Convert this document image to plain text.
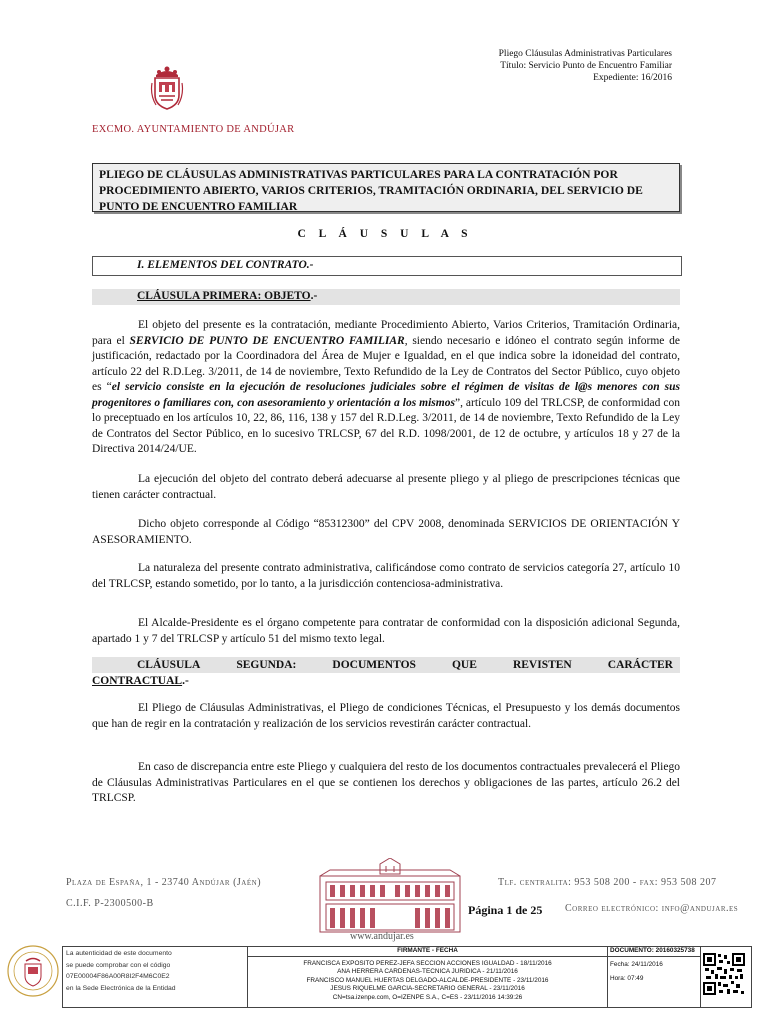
Pliego Cláusulas Administrativas Particulares
Título: Servicio Punto de Encuentro Familiar
Expediente: 16/2016
EXCMO. AYUNTAMIENTO DE ANDÚJAR
PLIEGO DE CLÁUSULAS ADMINISTRATIVAS PARTICULARES PARA LA CONTRATACIÓN POR PROCEDIMIENTO ABIERTO, VARIOS CRITERIOS, TRAMITACIÓN ORDINARIA, DEL SERVICIO DE PUNTO DE ENCUENTRO FAMILIAR
C L Á U S U L A S
I. ELEMENTOS DEL CONTRATO.-
CLÁUSULA PRIMERA: OBJETO.-

El objeto del presente es la contratación, mediante Procedimiento Abierto, Varios Criterios, Tramitación Ordinaria, para el SERVICIO DE PUNTO DE ENCUENTRO FAMILIAR, siendo necesario e idóneo el contrato según informe de justificación, redactado por la Coordinadora del Área de Mujer e Igualdad, en el que indica sobre la idoneidad del contrato, artículo 22 del R.D.Leg. 3/2011, de 14 de noviembre, Texto Refundido de la Ley de Contratos del Sector Público, cuyo objeto es “el servicio consiste en la ejecución de resoluciones judiciales sobre el régimen de visitas de l@s menores con sus progenitores o familiares con, con asesoramiento y orientación a los mismos”, artículo 109 del TRLCSP, de conformidad con lo preceptuado en los artículos 10, 22, 86, 116, 138 y 157 del R.D.Leg. 3/2011, de 14 de noviembre, Texto Refundido de la Ley de Contratos del Sector Público, en lo sucesivo TRLCSP, 67 del R.D. 1098/2001, de 12 de octubre, y artículos 18 y 27 de la Directiva 2014/24/UE.

La ejecución del objeto del contrato deberá adecuarse al presente pliego y al pliego de prescripciones técnicas que tienen carácter contractual.

Dicho objeto corresponde al Código “85312300” del CPV 2008, denominada SERVICIOS DE ORIENTACIÓN Y ASESORAMIENTO.

La naturaleza del presente contrato administrativa, calificándose como contrato de servicios categoría 27, artículo 10 del TRLCSP, estando sometido, por lo tanto, a la jurisdicción contenciosa-administrativa.

El Alcalde-Presidente es el órgano competente para contratar de conformidad con la disposición adicional Segunda, apartado 1 y 7 del TRLCSP y artículo 51 del mismo texto legal.

CLÁUSULA	SEGUNDA:	DOCUMENTOS	QUE	REVISTEN	CARÁCTER
CONTRACTUAL.-

El Pliego de Cláusulas Administrativas, el Pliego de condiciones Técnicas, el Presupuesto y los demás documentos que han de regir en la contratación y realización de los servicios revestirán carácter contractual.

En caso de discrepancia entre este Pliego y cualquiera del resto de los documentos contractuales prevalecerá el Pliego de Cláusulas Administrativas Particulares en el que se contienen los derechos y obligaciones de las partes, artículo 26.2 del TRLCSP.

Plaza de España, 1 - 23740 Andújar (Jaén)	Tlf. centralita: 953 508 200 - fax: 953 508 207
C.I.F. P-2300500-B	Correo electrónico: info@andujar.es
Página 1 de 25
www.andujar.es
La autenticidad de este documento
se puede comprobar con el código
07E00004F86A00R8I2F4M6C0E2
en la Sede Electrónica de la Entidad

FIRMANTE - FECHA
FRANCISCA EXPOSITO PEREZ-JEFA SECCION ACCIONES IGUALDAD - 18/11/2016
ANA HERRERA CARDENAS-TECNICA JURIDICA - 21/11/2016
FRANCISCO MANUEL HUERTAS DELGADO-ALCALDE-PRESIDENTE - 23/11/2016
JESUS RIQUELME GARCIA-SECRETARIO GENERAL - 23/11/2016
CN=tsa.izenpe.com, O=IZENPE S.A., C=ES - 23/11/2016 14:39:26

DOCUMENTO: 20160325738
Fecha: 24/11/2016
Hora: 07:49
